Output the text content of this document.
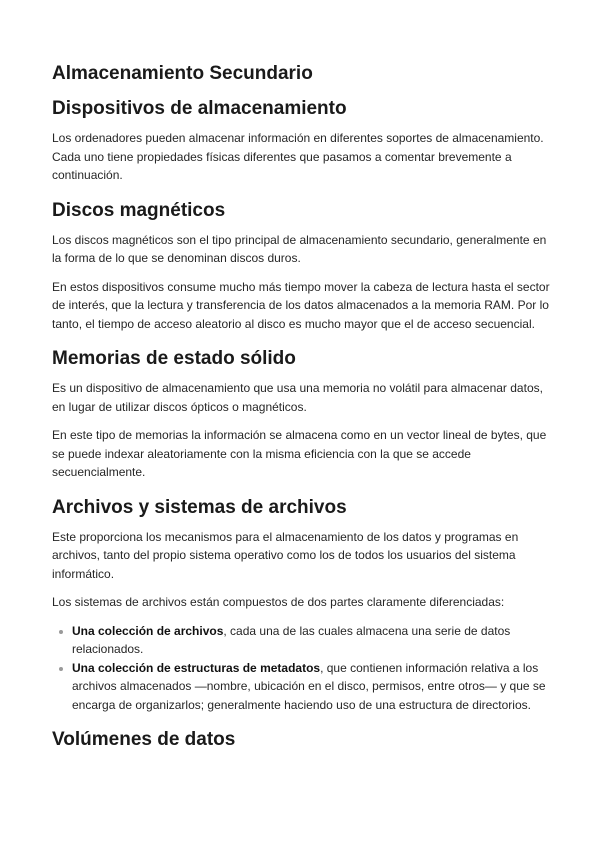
Almacenamiento Secundario
Dispositivos de almacenamiento

Los ordenadores pueden almacenar información en diferentes soportes de almacenamiento. Cada uno tiene propiedades físicas diferentes que pasamos a comentar brevemente a continuación.

Discos magnéticos

Los discos magnéticos son el tipo principal de almacenamiento secundario, generalmente en la forma de lo que se denominan discos duros.

En estos dispositivos consume mucho más tiempo mover la cabeza de lectura hasta el sector de interés, que la lectura y transferencia de los datos almacenados a la memoria RAM. Por lo tanto, el tiempo de acceso aleatorio al disco es mucho mayor que el de acceso secuencial.

Memorias de estado sólido

Es un dispositivo de almacenamiento que usa una memoria no volátil para almacenar datos, en lugar de utilizar discos ópticos o magnéticos.

En este tipo de memorias la información se almacena como en un vector lineal de bytes, que se puede indexar aleatoriamente con la misma eficiencia con la que se accede secuencialmente.

Archivos y sistemas de archivos

Este proporciona los mecanismos para el almacenamiento de los datos y programas en archivos, tanto del propio sistema operativo como los de todos los usuarios del sistema informático.

Los sistemas de archivos están compuestos de dos partes claramente diferenciadas:

Una colección de archivos, cada una de las cuales almacena una serie de datos relacionados.
Una colección de estructuras de metadatos, que contienen información relativa a los archivos almacenados —nombre, ubicación en el disco, permisos, entre otros— y que se encarga de organizarlos; generalmente haciendo uso de una estructura de directorios.
Volúmenes de datos
